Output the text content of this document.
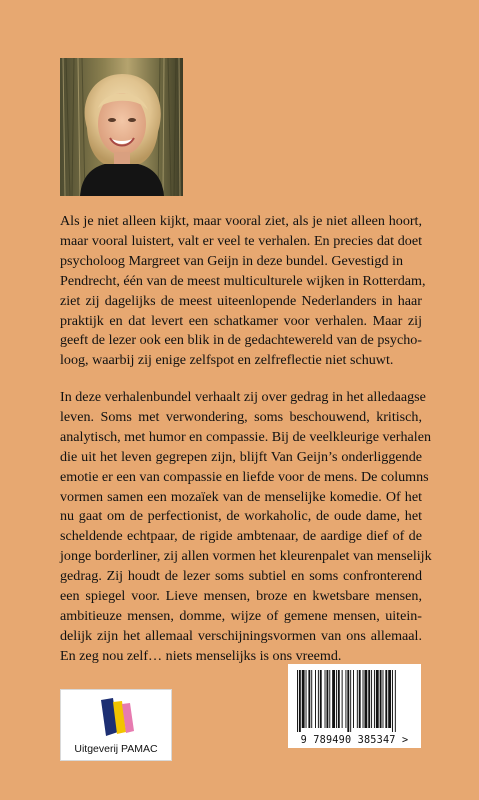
Als je niet alleen kijkt, maar vooral ziet, als je niet alleen hoort,
maar vooral luistert, valt er veel te verhalen. En precies dat doet
psycholoog Margreet van Geijn in deze bundel. Gevestigd in
Pendrecht, één van de meest multiculturele wijken in Rotterdam,
ziet zij dagelijks de meest uiteenlopende Nederlanders in haar
praktijk en dat levert een schatkamer voor verhalen. Maar zij
geeft de lezer ook een blik in de gedachtewereld van de psycho-
loog, waarbij zij enige zelfspot en zelfreflectie niet schuwt.
In deze verhalenbundel verhaalt zij over gedrag in het alledaagse
leven. Soms met verwondering, soms beschouwend, kritisch,
analytisch, met humor en compassie. Bij de veelkleurige verhalen
die uit het leven gegrepen zijn, blijft Van Geijn’s onderliggende
emotie er een van compassie en liefde voor de mens. De columns
vormen samen een mozaïek van de menselijke komedie. Of het
nu gaat om de perfectionist, de workaholic, de oude dame, het
scheldende echtpaar, de rigide ambtenaar, de aardige dief of de
jonge borderliner, zij allen vormen het kleurenpalet van menselijk
gedrag. Zij houdt de lezer soms subtiel en soms confronterend
een spiegel voor. Lieve mensen, broze en kwetsbare mensen,
ambitieuze mensen, domme, wijze of gemene mensen, uitein-
delijk zijn het allemaal verschijningsvormen van ons allemaal.
En zeg nou zelf… niets menselijks is ons vreemd.
Uitgeverij PAMAC
9 789490 385347 >
